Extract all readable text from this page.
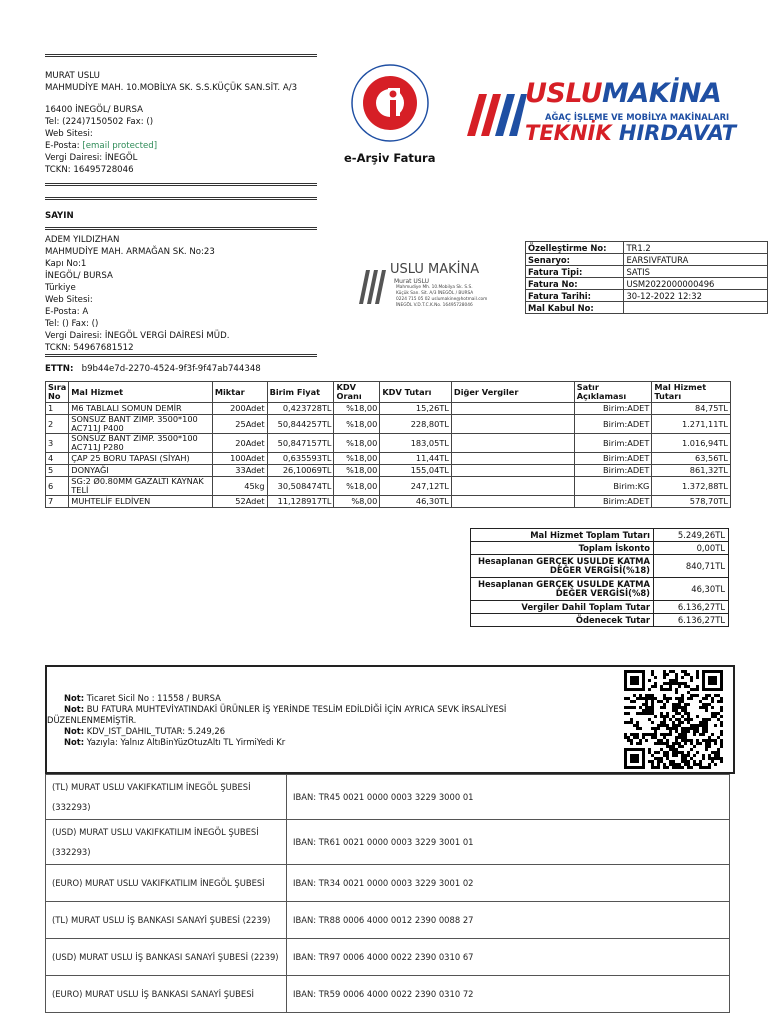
MURAT USLU
MAHMUDİYE MAH. 10.MOBİLYA SK. S.S.KÜÇÜK SAN.SİT. A/3
16400 İNEGÖL/ BURSA
Tel: (224)7150502 Fax: ()
Web Sitesi:
E-Posta: [email protected]
Vergi Dairesi: İNEGÖL
TCKN: 16495728046
e-Arşiv Fatura
USLUMAKİNA
AĞAÇ İŞLEME VE MOBİLYA MAKİNALARI
TEKNİK HIRDAVAT
SAYIN
ADEM YILDIZHAN
MAHMUDİYE MAH. ARMAĞAN SK. No:23
Kapı No:1
İNEGÖL/ BURSA
Türkiye
Web Sitesi:
E-Posta: A
Tel: () Fax: ()
Vergi Dairesi: İNEGÖL VERGİ DAİRESİ MÜD.
TCKN: 54967681512
USLU MAKİNA
Murat USLU
Mahmudiye Mh. 10.Mobilya Sk. S.S.
Küçük San. Sit. A/3 İNEGÖL / BURSA
0224 715 05 02 uslumakine@hotmail.com
İNEGÖL V.D.T.C.K.No. 16495728046
Özelleştirme No:	TR1.2
Senaryo:	EARSIVFATURA
Fatura Tipi:	SATIS
Fatura No:	USM2022000000496
Fatura Tarihi:	30-12-2022 12:32
Mal Kabul No:	
ETTN: b9b44e7d-2270-4524-9f3f-9f47ab744348
Sıra No	Mal Hizmet	Miktar	Birim Fiyat	KDV Oranı	KDV Tutarı	Diğer Vergiler	Satır Açıklaması	Mal Hizmet Tutarı
1	M6 TABLALI SOMUN DEMİR	200Adet	0,423728TL	%18,00	15,26TL		Birim:ADET	84,75TL
2	SONSUZ BANT ZIMP. 3500*100 AC711J P400	25Adet	50,844257TL	%18,00	228,80TL		Birim:ADET	1.271,11TL
3	SONSUZ BANT ZIMP. 3500*100 AC711J P280	20Adet	50,847157TL	%18,00	183,05TL		Birim:ADET	1.016,94TL
4	ÇAP 25 BORU TAPASI (SİYAH)	100Adet	0,635593TL	%18,00	11,44TL		Birim:ADET	63,56TL
5	DONYAĞI	33Adet	26,10069TL	%18,00	155,04TL		Birim:ADET	861,32TL
6	SG:2 Ø0.80MM GAZALTI KAYNAK TELİ	45kg	30,508474TL	%18,00	247,12TL		Birim:KG	1.372,88TL
7	MUHTELİF ELDİVEN	52Adet	11,128917TL	%8,00	46,30TL		Birim:ADET	578,70TL
Mal Hizmet Toplam Tutarı	5.249,26TL
Toplam İskonto	0,00TL
Hesaplanan GERÇEK USULDE KATMA DEĞER VERGİSİ(%18)	840,71TL
Hesaplanan GERÇEK USULDE KATMA DEĞER VERGİSİ(%8)	46,30TL
Vergiler Dahil Toplam Tutar	6.136,27TL
Ödenecek Tutar	6.136,27TL
Not: Ticaret Sicil No : 11558 / BURSA
Not: BU FATURA MUHTEVİYATINDAKİ ÜRÜNLER İŞ YERİNDE TESLİM EDİLDİĞİ İÇİN AYRICA SEVK İRSALİYESİ
DÜZENLENMEMİŞTİR.
Not: KDV_IST_DAHIL_TUTAR: 5.249,26
Not: Yazıyla: Yalnız AltıBinYüzOtuzAltı TL YirmiYedi Kr
(TL) MURAT USLU VAKIFKATILIM İNEGÖL ŞUBESİ (332293)	IBAN: TR45 0021 0000 0003 3229 3000 01
(USD) MURAT USLU VAKIFKATILIM İNEGÖL ŞUBESİ (332293)	IBAN: TR61 0021 0000 0003 3229 3001 01
(EURO) MURAT USLU VAKIFKATILIM İNEGÖL ŞUBESİ	IBAN: TR34 0021 0000 0003 3229 3001 02
(TL) MURAT USLU İŞ BANKASI SANAYİ ŞUBESİ (2239)	IBAN: TR88 0006 4000 0012 2390 0088 27
(USD) MURAT USLU İŞ BANKASI SANAYİ ŞUBESİ (2239)	IBAN: TR97 0006 4000 0022 2390 0310 67
(EURO) MURAT USLU İŞ BANKASI SANAYİ ŞUBESİ	IBAN: TR59 0006 4000 0022 2390 0310 72
